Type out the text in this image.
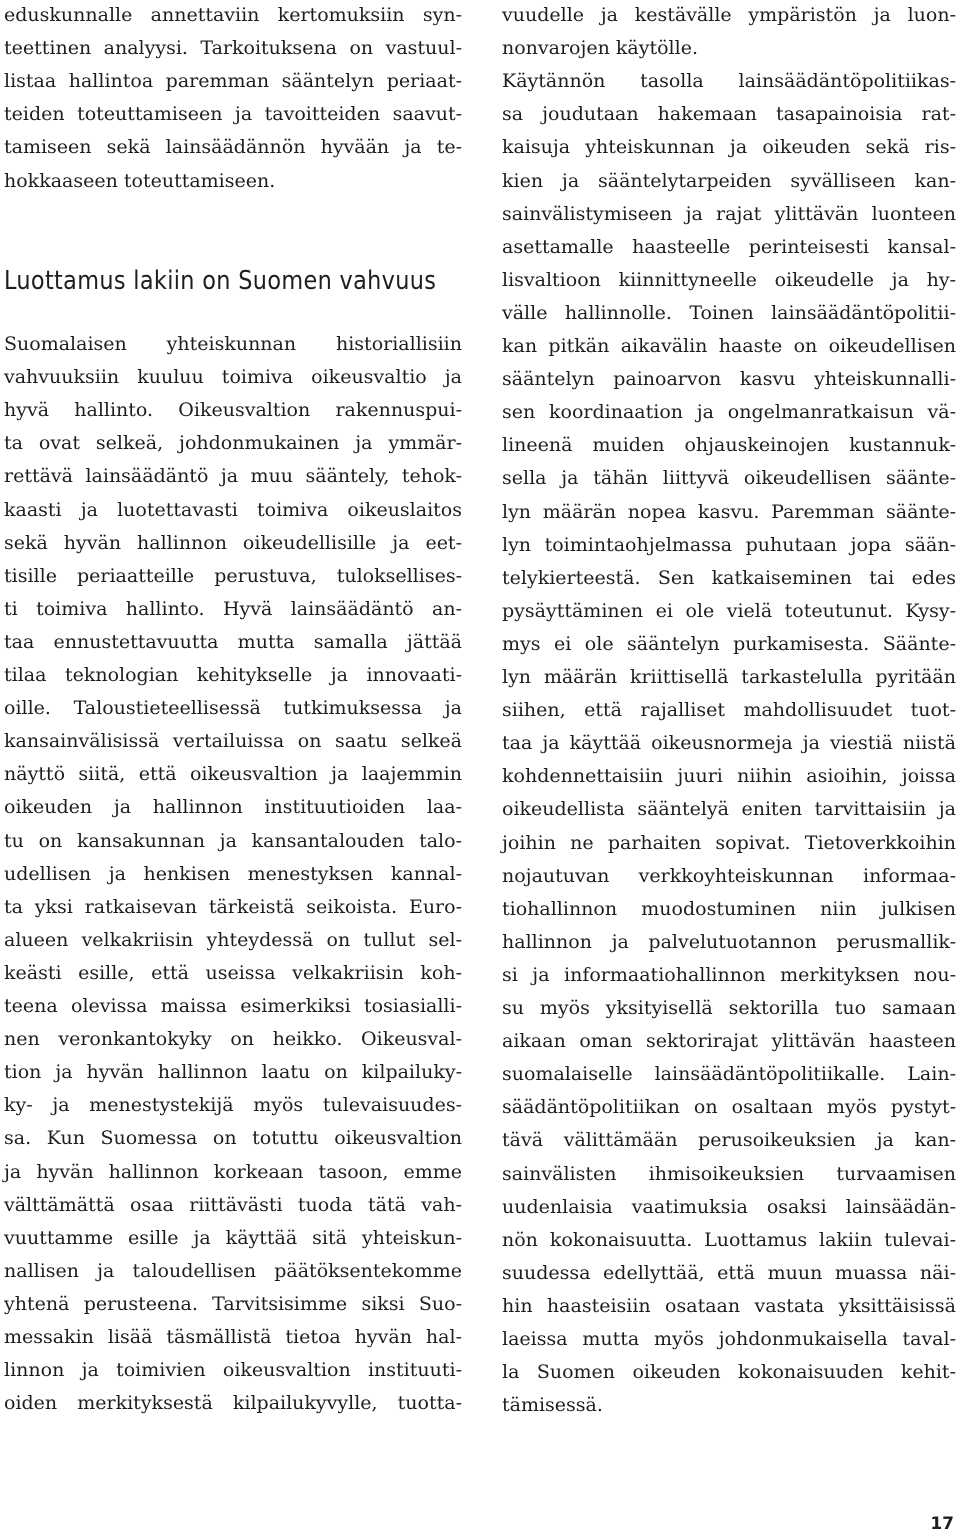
eduskunnalle annettaviin kertomuksiin syn-
teettinen analyysi. Tarkoituksena on vastuul-
listaa hallintoa paremman sääntelyn periaat-
teiden toteuttamiseen ja tavoitteiden saavut-
tamiseen sekä lainsäädännön hyvään ja te-
hokkaaseen toteuttamiseen.
Suomalaisen yhteiskunnan historiallisiin
vahvuuksiin kuuluu toimiva oikeusvaltio ja
hyvä hallinto. Oikeusvaltion rakennuspui-
ta ovat selkeä, johdonmukainen ja ymmär-
rettävä lainsäädäntö ja muu sääntely, tehok-
kaasti ja luotettavasti toimiva oikeuslaitos
sekä hyvän hallinnon oikeudellisille ja eet-
tisille periaatteille perustuva, tuloksellises-
ti toimiva hallinto. Hyvä lainsäädäntö an-
taa ennustettavuutta mutta samalla jättää
tilaa teknologian kehitykselle ja innovaati-
oille. Taloustieteellisessä tutkimuksessa ja
kansainvälisissä vertailuissa on saatu selkeä
näyttö siitä, että oikeusvaltion ja laajemmin
oikeuden ja hallinnon instituutioiden laa-
tu on kansakunnan ja kansantalouden talo-
udellisen ja henkisen menestyksen kannal-
ta yksi ratkaisevan tärkeistä seikoista. Euro-
alueen velkakriisin yhteydessä on tullut sel-
keästi esille, että useissa velkakriisin koh-
teena olevissa maissa esimerkiksi tosiasialli-
nen veronkantokyky on heikko. Oikeusval-
tion ja hyvän hallinnon laatu on kilpailuky-
ky- ja menestystekijä myös tulevaisuudes-
sa. Kun Suomessa on totuttu oikeusvaltion
ja hyvän hallinnon korkeaan tasoon, emme
välttämättä osaa riittävästi tuoda tätä vah-
vuuttamme esille ja käyttää sitä yhteiskun-
nallisen ja taloudellisen päätöksentekomme
yhtenä perusteena. Tarvitsisimme siksi Suo-
messakin lisää täsmällistä tietoa hyvän hal-
linnon ja toimivien oikeusvaltion instituuti-
oiden merkityksestä kilpailukyvylle, tuotta-
Luottamus lakiin on Suomen vahvuus
vuudelle ja kestävälle ympäristön ja luon-
nonvarojen käytölle.
Käytännön tasolla lainsäädäntöpolitiikas-
sa joudutaan hakemaan tasapainoisia rat-
kaisuja yhteiskunnan ja oikeuden sekä ris-
kien ja sääntelytarpeiden syvälliseen kan-
sainvälistymiseen ja rajat ylittävän luonteen
asettamalle haasteelle perinteisesti kansal-
lisvaltioon kiinnittyneelle oikeudelle ja hy-
välle hallinnolle. Toinen lainsäädäntöpolitii-
kan pitkän aikavälin haaste on oikeudellisen
sääntelyn painoarvon kasvu yhteiskunnalli-
sen koordinaation ja ongelmanratkaisun vä-
lineenä muiden ohjauskeinojen kustannuk-
sella ja tähän liittyvä oikeudellisen säänte-
lyn määrän nopea kasvu. Paremman säänte-
lyn toimintaohjelmassa puhutaan jopa sään-
telykierteestä. Sen katkaiseminen tai edes
pysäyttäminen ei ole vielä toteutunut. Kysy-
mys ei ole sääntelyn purkamisesta. Säänte-
lyn määrän kriittisellä tarkastelulla pyritään
siihen, että rajalliset mahdollisuudet tuot-
taa ja käyttää oikeusnormeja ja viestiä niistä
kohdennettaisiin juuri niihin asioihin, joissa
oikeudellista sääntelyä eniten tarvittaisiin ja
joihin ne parhaiten sopivat. Tietoverkkoihin
nojautuvan verkkoyhteiskunnan informaa-
tiohallinnon muodostuminen niin julkisen
hallinnon ja palvelutuotannon perusmallik-
si ja informaatiohallinnon merkityksen nou-
su myös yksityisellä sektorilla tuo samaan
aikaan oman sektorirajat ylittävän haasteen
suomalaiselle lainsäädäntöpolitiikalle. Lain-
säädäntöpolitiikan on osaltaan myös pystyt-
tävä välittämään perusoikeuksien ja kan-
sainvälisten ihmisoikeuksien turvaamisen
uudenlaisia vaatimuksia osaksi lainsäädän-
nön kokonaisuutta. Luottamus lakiin tulevai-
suudessa edellyttää, että muun muassa näi-
hin haasteisiin osataan vastata yksittäisissä
laeissa mutta myös johdonmukaisella taval-
la Suomen oikeuden kokonaisuuden kehit-
tämisessä.
17
